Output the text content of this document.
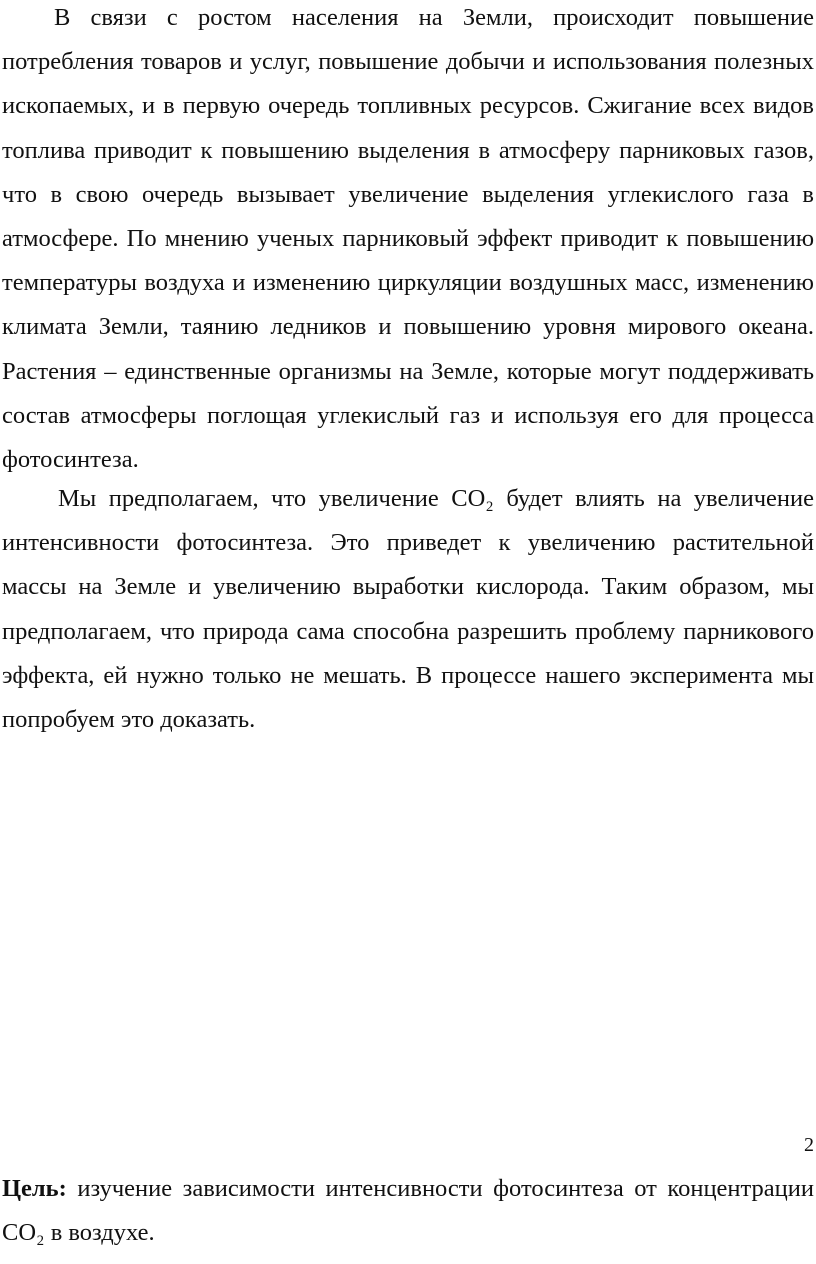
В связи с ростом населения на Земли, происходит повышение потребления товаров и услуг, повышение добычи и использования полезных ископаемых, и в первую очередь топливных ресурсов. Сжигание всех видов топлива приводит к повышению выделения в атмосферу парниковых газов, что в свою очередь вызывает увеличение выделения углекислого газа в атмосфере. По мнению ученых парниковый эффект приводит к повышению температуры воздуха и изменению циркуляции воздушных масс, изменению климата Земли, таянию ледников и повышению уровня мирового океана. Растения – единственные организмы на Земле, которые могут поддерживать состав атмосферы поглощая углекислый газ и используя его для процесса фотосинтеза.

Мы предполагаем, что увеличение CO₂ будет влиять на увеличение интенсивности фотосинтеза. Это приведет к увеличению растительной массы на Земле и увеличению выработки кислорода. Таким образом, мы предполагаем, что природа сама способна разрешить проблему парникового эффекта, ей нужно только не мешать. В процессе нашего эксперимента мы попробуем это доказать.

2

Цель: изучение зависимости интенсивности фотосинтеза от концентрации CO₂ в воздухе.
